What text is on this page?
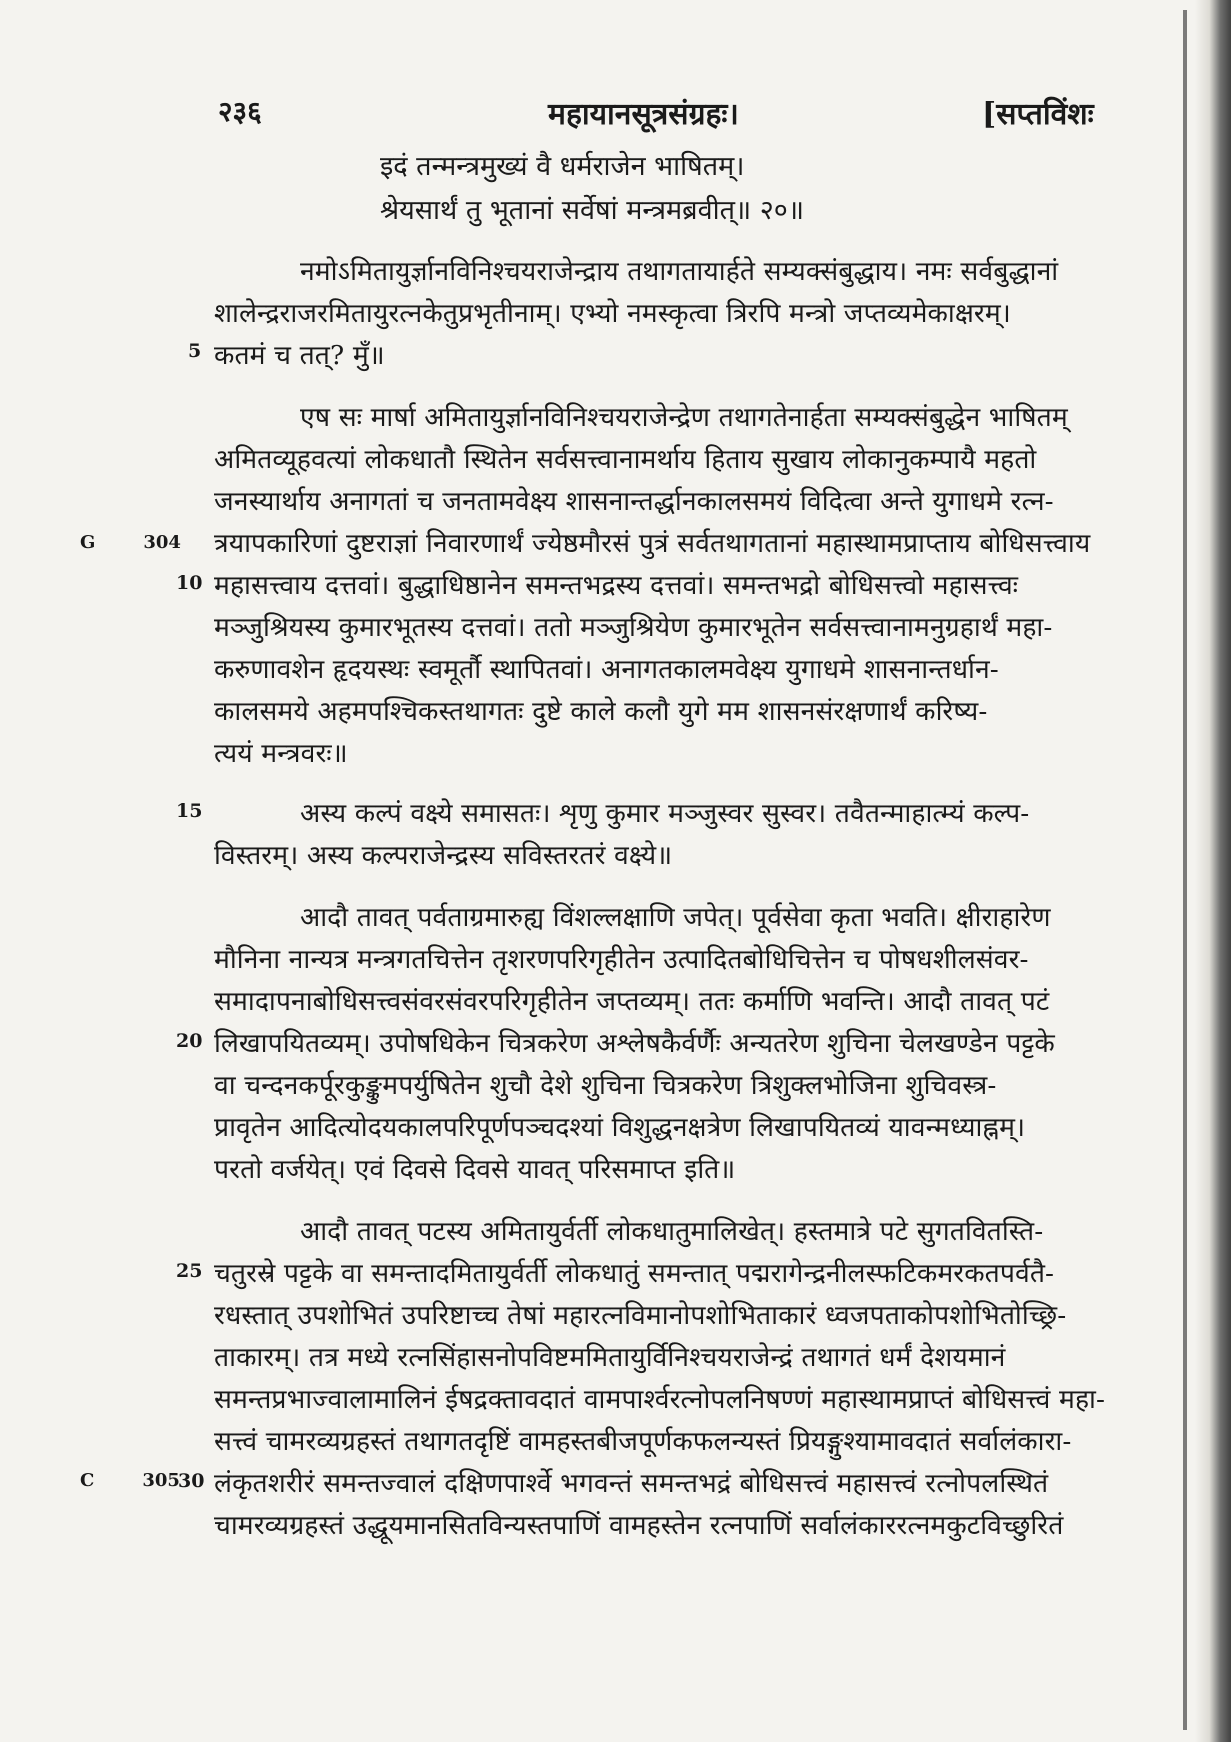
२३६	महायानसूत्रसंग्रहः।	[सप्तविंशः
इदं तन्मन्त्रमुख्यं वै धर्मराजेन भाषितम्।
श्रेयसार्थं तु भूतानां सर्वेषां मन्त्रमब्रवीत्॥ २०॥
नमोऽमितायुर्ज्ञानविनिश्चयराजेन्द्राय तथागतायार्हते सम्यक्संबुद्धाय। नमः सर्वबुद्धानां
शालेन्द्रराजरमितायुरत्नकेतुप्रभृतीनाम्। एभ्यो नमस्कृत्वा त्रिरपि मन्त्रो जप्तव्यमेकाक्षरम्।
5 कतमं च तत्? मुँ॥
एष सः मार्षा अमितायुर्ज्ञानविनिश्चयराजेन्द्रेण तथागतेनार्हता सम्यक्संबुद्धेन भाषितम्
अमितव्यूहवत्यां लोकधातौ स्थितेन सर्वसत्त्वानामर्थाय हिताय सुखाय लोकानुकम्पायै महतो
जनस्यार्थाय अनागतां च जनतामवेक्ष्य शासनान्तर्द्धानकालसमयं विदित्वा अन्ते युगाधमे रत्न-
G	304 त्रयापकारिणां दुष्टराज्ञां निवारणार्थं ज्येष्ठमौरसं पुत्रं सर्वतथागतानां महास्थामप्राप्ताय बोधिसत्त्वाय
10 महासत्त्वाय दत्तवां। बुद्धाधिष्ठानेन समन्तभद्रस्य दत्तवां। समन्तभद्रो बोधिसत्त्वो महासत्त्वः
मञ्जुश्रियस्य कुमारभूतस्य दत्तवां। ततो मञ्जुश्रियेण कुमारभूतेन सर्वसत्त्वानामनुग्रहार्थं महा-
करुणावशेन हृदयस्थः स्वमूर्तौ स्थापितवां। अनागतकालमवेक्ष्य युगाधमे शासनान्तर्धान-
कालसमये अहमपश्चिकस्तथागतः दुष्टे काले कलौ युगे मम शासनसंरक्षणार्थं करिष्य-
त्ययं मन्त्रवरः॥
15	अस्य कल्पं वक्ष्ये समासतः। शृणु कुमार मञ्जुस्वर सुस्वर। तवैतन्माहात्म्यं कल्प-
विस्तरम्। अस्य कल्पराजेन्द्रस्य सविस्तरतरं वक्ष्ये॥
आदौ तावत् पर्वताग्रमारुह्य विंशल्लक्षाणि जपेत्। पूर्वसेवा कृता भवति। क्षीराहारेण
मौनिना नान्यत्र मन्त्रगतचित्तेन तृशरणपरिगृहीतेन उत्पादितबोधिचित्तेन च पोषधशीलसंवर-
समादापनाबोधिसत्त्वसंवरसंवरपरिगृहीतेन जप्तव्यम्। ततः कर्माणि भवन्ति। आदौ तावत् पटं
20 लिखापयितव्यम्। उपोषधिकेन चित्रकरेण अश्लेषकैर्वर्णैः अन्यतरेण शुचिना चेलखण्डेन पट्टके
वा चन्दनकर्पूरकुङ्कुमपर्युषितेन शुचौ देशे शुचिना चित्रकरेण त्रिशुक्लभोजिना शुचिवस्त्र-
प्रावृतेन आदित्योदयकालपरिपूर्णपञ्चदश्यां विशुद्धनक्षत्रेण लिखापयितव्यं यावन्मध्याह्नम्।
परतो वर्जयेत्। एवं दिवसे दिवसे यावत् परिसमाप्त इति॥
आदौ तावत् पटस्य अमितायुर्वर्ती लोकधातुमालिखेत्। हस्तमात्रे पटे सुगतवितस्ति-
25 चतुरस्रे पट्टके वा समन्तादमितायुर्वर्ती लोकधातुं समन्तात् पद्मरागेन्द्रनीलस्फटिकमरकतपर्वतै-
रधस्तात् उपशोभितं उपरिष्टाच्च तेषां महारत्नविमानोपशोभिताकारं ध्वजपताकोपशोभितोच्छ्रि-
ताकारम्। तत्र मध्ये रत्नसिंहासनोपविष्टममितायुर्विनिश्चयराजेन्द्रं तथागतं धर्मं देशयमानं
समन्तप्रभाज्वालामालिनं ईषद्रक्तावदातं वामपार्श्वरत्नोपलनिषण्णं महास्थामप्राप्तं बोधिसत्त्वं महा-
सत्त्वं चामरव्यग्रहस्तं तथागतदृष्टिं वामहस्तबीजपूर्णकफलन्यस्तं प्रियङ्गुश्यामावदातं सर्वालंकारा-
C	305
30 लंकृतशरीरं समन्तज्वालं दक्षिणपार्श्वे भगवन्तं समन्तभद्रं बोधिसत्त्वं महासत्त्वं रत्नोपलस्थितं
चामरव्यग्रहस्तं उद्धूयमानसितविन्यस्तपाणिं वामहस्तेन रत्नपाणिं सर्वालंकाररत्नमकुटविच्छुरितं
